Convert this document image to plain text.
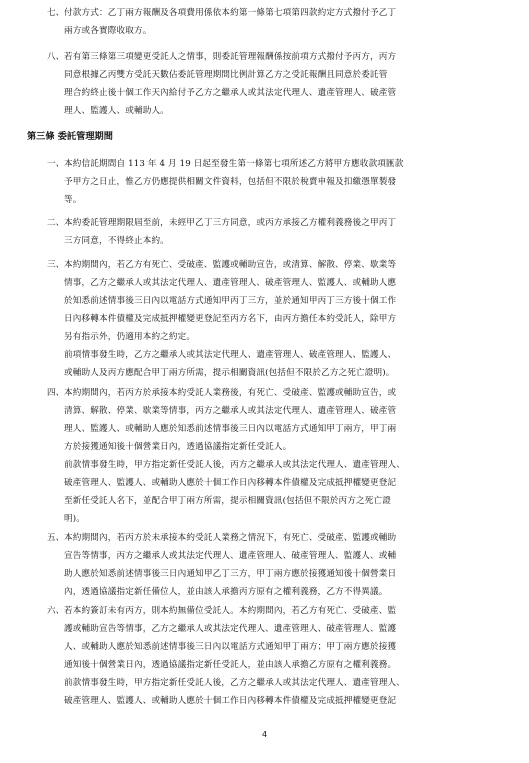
七、 付款方式：乙丁兩方報酬及各項費用係依本約第一條第七項第四款約定方式撥付予乙丁
兩方或各實際收取方。
八、 若有第三條第三項變更受託人之情事，則委託管理報酬係按前項方式撥付予丙方，丙方
同意根據乙丙雙方受託天數佔委託管理期間比例計算乙方之受託報酬且同意於委託管
理合約終止後十個工作天內給付予乙方之繼承人或其法定代理人、遺產管理人、破產管
理人、監護人、或輔助人。
第三條 委託管理期間
一、 本約信託期間自 113 年 4 月 19 日起至發生第一條第七項所述乙方將甲方應收款項匯款
予甲方之日止，惟乙方仍應提供相關文件資料，包括但不限於稅賣申報及扣繳憑單製發
等。
二、 本約委託管理期限屆至前，未經甲乙丁三方同意，或丙方承接乙方權利義務後之甲丙丁
三方同意，不得終止本約。
三、 本約期間內，若乙方有死亡、受破產、監護或輔助宣告，或清算、解散、停業、歇業等
情事，乙方之繼承人或其法定代理人、遺產管理人、破產管理人、監護人、或輔助人應
於知悉前述情事後三日內以電話方式通知甲丙丁三方，並於通知甲丙丁三方後十個工作
日內移轉本件債權及完成抵押權變更登記至丙方名下，由丙方擔任本約受託人，除甲方
另有指示外，仍適用本約之約定。
前項情事發生時，乙方之繼承人或其法定代理人、遺產管理人、破產管理人、監護人、
或輔助人及丙方應配合甲丁兩方所需，提示相關資訊(包括但不限於乙方之死亡證明)。
四、 本約期間內，若丙方於承接本約受託人業務後，有死亡、受破產、監護或輔助宣告，或
清算、解散、停業、歇業等情事，丙方之繼承人或其法定代理人、遺產管理人、破產管
理人、監護人、或輔助人應於知悉前述情事後三日內以電話方式通知甲丁兩方，甲丁兩
方於接獲通知後十個營業日內，透過協議指定新任受託人。
前款情事發生時，甲方指定新任受託人後，丙方之繼承人或其法定代理人、遺產管理人、
破產管理人、監護人、或輔助人應於十個工作日內移轉本件債權及完成抵押權變更登記
至新任受託人名下，並配合甲丁兩方所需，提示相關資訊(包括但不限於丙方之死亡證
明)。
五、 本約期間內，若丙方於未承接本約受託人業務之情況下，有死亡、受破產、監護或輔助
宣告等情事，丙方之繼承人或其法定代理人、遺產管理人、破產管理人、監護人、或輔
助人應於知悉前述情事後三日內通知甲乙丁三方，甲丁兩方應於接獲通知後十個營業日
內，透過協議指定新任備位人，並由該人承擔丙方原有之權利義務，乙方不得異議。
六、 若本約簽訂未有丙方，則本約無備位受託人。本約期間內，若乙方有死亡、受破產、監
護或輔助宣告等情事，乙方之繼承人或其法定代理人、遺產管理人、破產管理人、監護
人、或輔助人應於知悉前述情事後三日內以電話方式通知甲丁兩方；甲丁兩方應於接獲
通知後十個營業日內，透過協議指定新任受託人，並由該人承擔乙方原有之權利義務。
前款情事發生時，甲方指定新任受託人後，乙方之繼承人或其法定代理人、遺產管理人、
破產管理人、監護人、或輔助人應於十個工作日內移轉本件債權及完成抵押權變更登記
4
